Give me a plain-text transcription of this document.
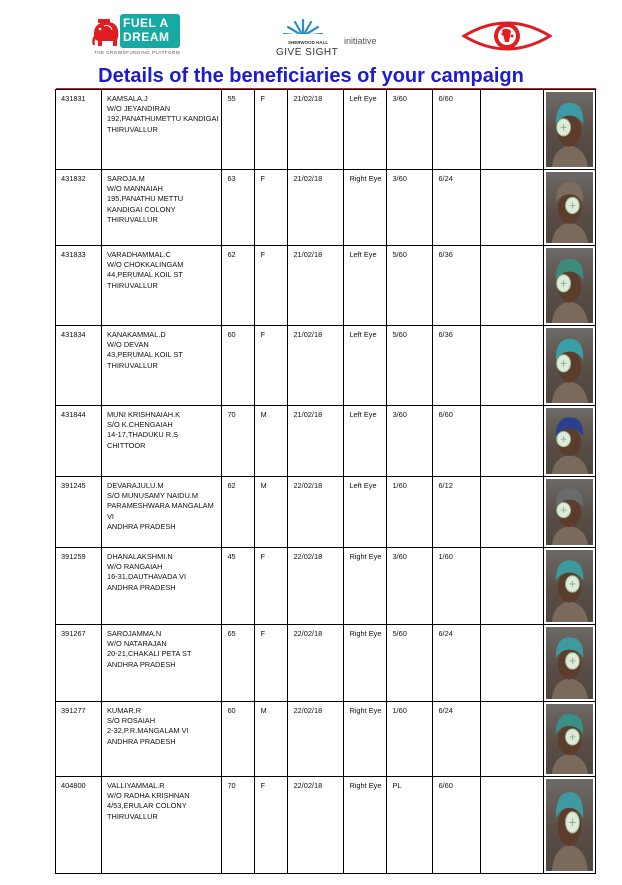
FUEL A
DREAM
THE CROWDFUNDING PLATFORM
SHERWOOD HALL
GIVE SIGHT
initiative
Details of the beneficiaries of your campaign
431831	KAMSALA.J
W/O JEYANDIRAN
192,PANATHUMETTU KANDIGAI
THIRUVALLUR	55	F	21/02/18	Left Eye	3/60	6/60

431832	SAROJA.M
W/O MANNAIAH
195,PANATHU METTU
KANDIGAI COLONY
THIRUVALLUR	63	F	21/02/18	Right Eye	3/60	6/24

431833	VARADHAMMAL.C
W/O CHOKKALINGAM
44,PERUMAL KOIL ST
THIRUVALLUR	62	F	21/02/18	Left Eye	5/60	6/36

431834	KANAKAMMAL.D
W/O DEVAN
43,PERUMAL KOIL ST
THIRUVALLUR	60	F	21/02/18	Left Eye	5/60	6/36

431844	MUNI KRISHNAIAH.K
S/O K.CHENGAIAH
14-17,THADUKU R.S
CHITTOOR	70	M	21/02/18	Left Eye	3/60	6/60

391245	DEVARAJULU.M
S/O MUNUSAMY NAIDU.M
PARAMESHWARA MANGALAM
VI
ANDHRA PRADESH	62	M	22/02/18	Left Eye	1/60	6/12

391259	DHANALAKSHMI.N
W/O RANGAIAH
16-31,DAUTHAVADA VI
ANDHRA PRADESH	45	F	22/02/18	Right Eye	3/60	1/60

391267	SAROJAMMA.N
W/O NATARAJAN
20-21,CHAKALI PETA ST
ANDHRA PRADESH	65	F	22/02/18	Right Eye	5/60	6/24

391277	KUMAR.R
S/O ROSAIAH
2-32,P.R.MANGALAM VI
ANDHRA PRADESH	60	M	22/02/18	Right Eye	1/60	6/24

404800	VALLIYAMMAL.R
W/O RADHA KRISHNAN
4/53,ERULAR COLONY
THIRUVALLUR	70	F	22/02/18	Right Eye	PL	6/60
